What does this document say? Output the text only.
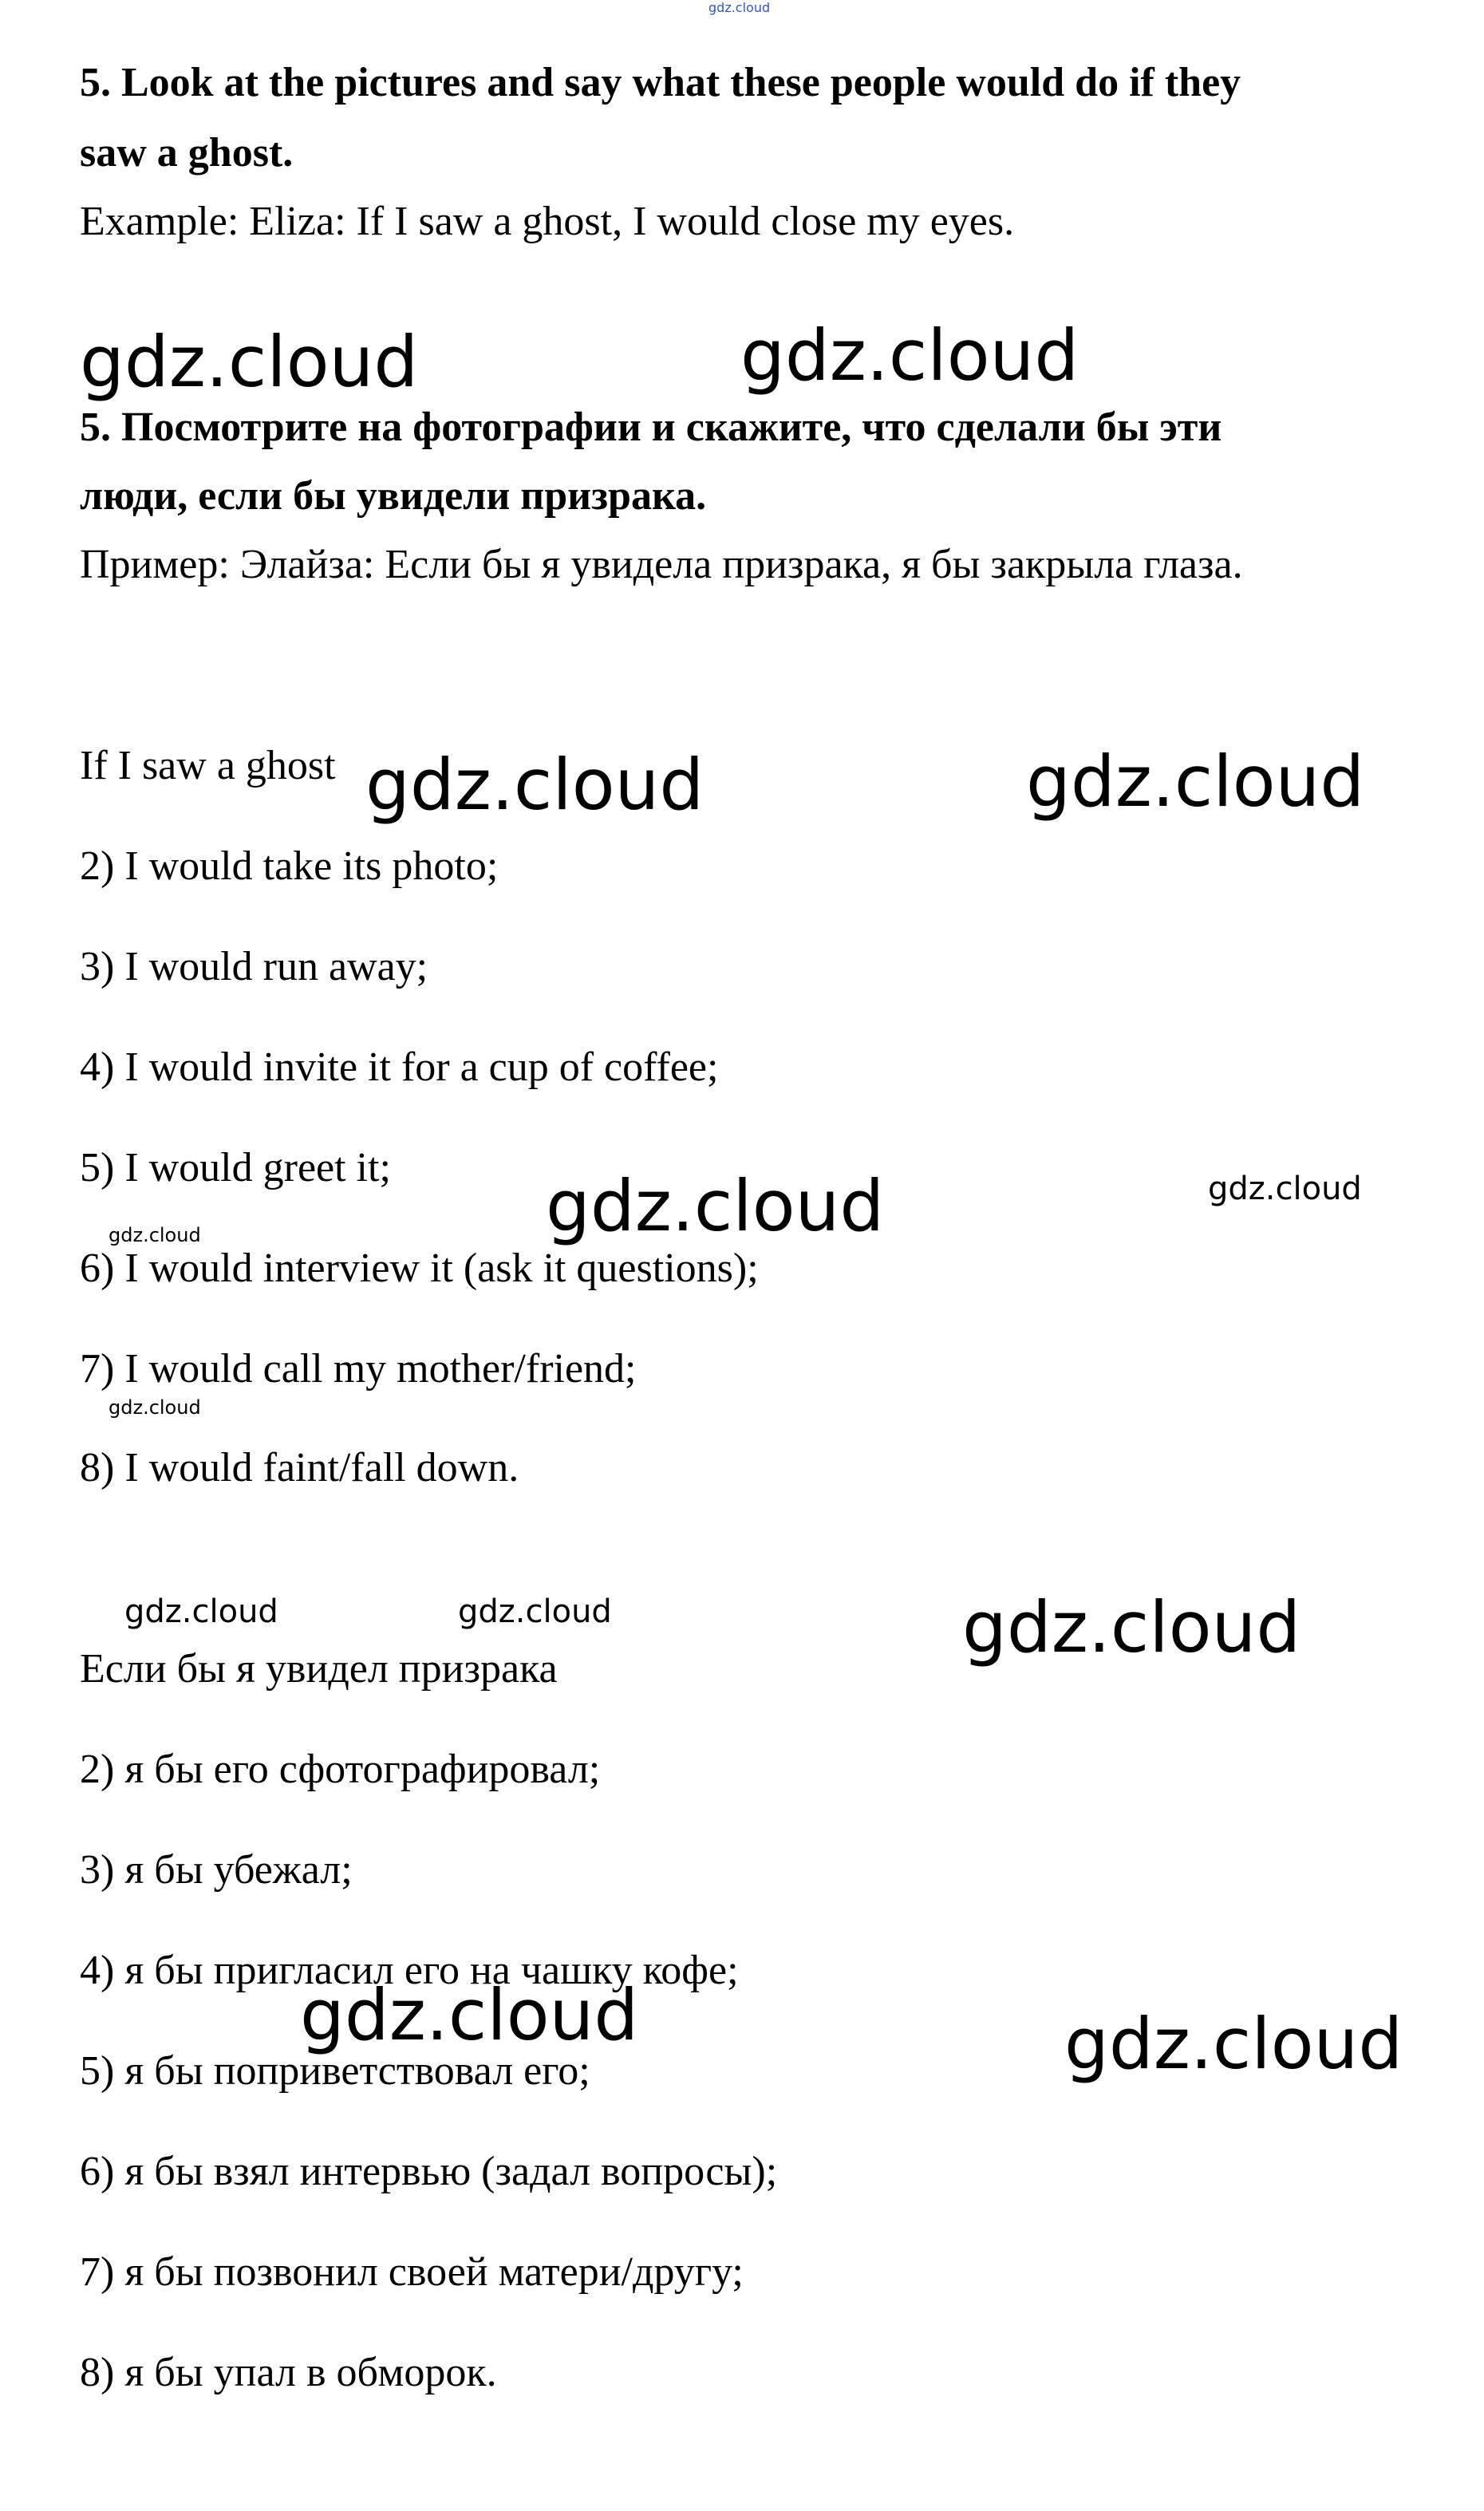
gdz.cloud

5. Look at the pictures and say what these people would do if they

saw a ghost.

Example: Eliza: If I saw a ghost, I would close my eyes.

gdz.cloud	gdz.cloud

5. Посмотрите на фотографии и скажите, что сделали бы эти

люди, если бы увидели призрака.

Пример: Элайза: Если бы я увидела призрака, я бы закрыла глаза.

If I saw a ghost gdz.cloud	gdz.cloud

2) I would take its photo;

3) I would run away;

4) I would invite it for a cup of coffee;

5) I would greet it; gdz.cloud	gdz.cloud
gdz.cloud

6) I would interview it (ask it questions);

7) I would call my mother/friend;

gdz.cloud

8) I would faint/fall down.

gdz.cloud	gdz.cloud	gdz.cloud

Если бы я увидел призрака

2) я бы его сфотографировал;

3) я бы убежал;

4) я бы пригласил его на чашку кофе;

gdz.cloud	gdz.cloud

5) я бы поприветствовал его;

6) я бы взял интервью (задал вопросы);

7) я бы позвонил своей матери/другу;

8) я бы упал в обморок.
